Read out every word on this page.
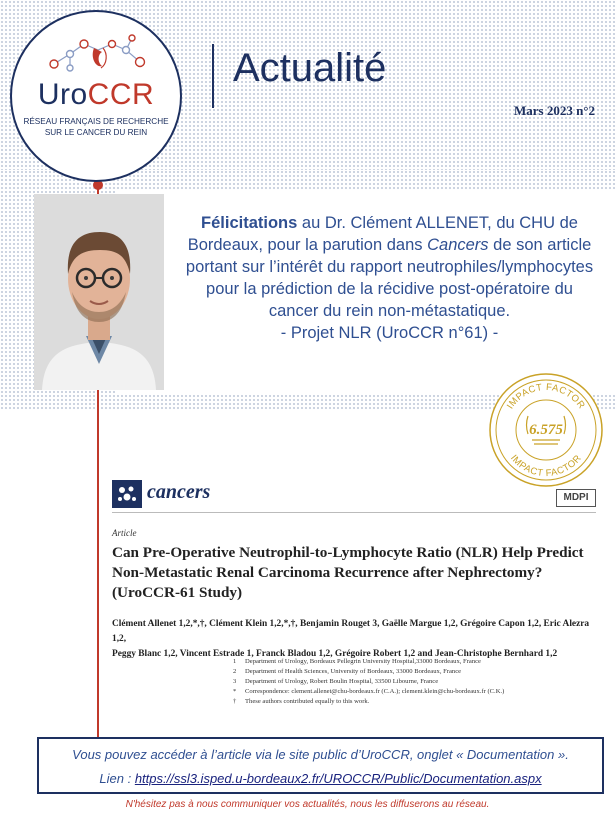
UroCCR
RÉSEAU FRANÇAIS DE RECHERCHE
SUR LE CANCER DU REIN
Actualité
Mars 2023 n°2
Félicitations au Dr. Clément ALLENET, du CHU de Bordeaux, pour la parution dans Cancers de son article portant sur l’intérêt du rapport neutrophiles/lymphocytes pour la prédiction de la récidive post-opératoire du cancer du rein non-métastatique.
- Projet NLR (UroCCR n°61) -
IMPACT FACTOR
IMPACT FACTOR
6.575
cancers	MDPI
Article
Can Pre-Operative Neutrophil-to-Lymphocyte Ratio (NLR) Help Predict Non-Metastatic Renal Carcinoma Recurrence after Nephrectomy? (UroCCR-61 Study)
Clément Allenet 1,2,*,†, Clément Klein 1,2,*,†, Benjamin Rouget 3, Gaëlle Margue 1,2, Grégoire Capon 1,2, Eric Alezra 1,2,
Peggy Blanc 1,2, Vincent Estrade 1, Franck Bladou 1,2, Grégoire Robert 1,2 and Jean-Christophe Bernhard 1,2
1	Department of Urology, Bordeaux Pellegrin University Hospital,33000 Bordeaux, France
2	Department of Health Sciences, University of Bordeaux, 33000 Bordeaux, France
3	Department of Urology, Robert Boulin Hospital, 33500 Libourne, France
*	Correspondence: clement.allenet@chu-bordeaux.fr (C.A.); clement.klein@chu-bordeaux.fr (C.K.)
†	These authors contributed equally to this work.
Vous pouvez accéder à l’article via le site public d’UroCCR, onglet « Documentation ».
Lien : https://ssl3.isped.u-bordeaux2.fr/UROCCR/Public/Documentation.aspx
N'hésitez pas à nous communiquer vos actualités, nous les diffuserons au réseau.
